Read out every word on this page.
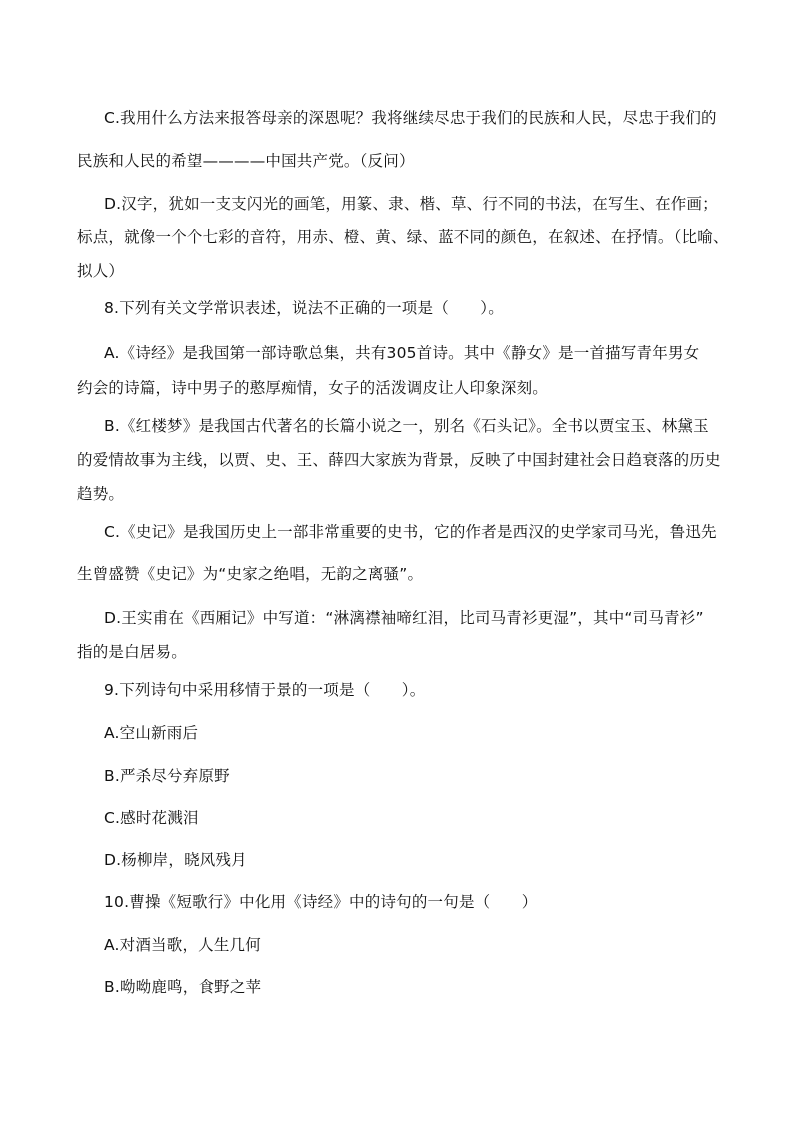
C.我用什么方法来报答母亲的深恩呢？我将继续尽忠于我们的民族和人民，尽忠于我们的
民族和人民的希望————中国共产党。（反问）
D.汉字，犹如一支支闪光的画笔，用篆、隶、楷、草、行不同的书法，在写生、在作画；
标点，就像一个个七彩的音符，用赤、橙、黄、绿、蓝不同的颜色，在叙述、在抒情。（比喻、
拟人）
8.下列有关文学常识表述，说法不正确的一项是（　　）。
A.《诗经》是我国第一部诗歌总集，共有305首诗。其中《静女》是一首描写青年男女
约会的诗篇，诗中男子的憨厚痴情，女子的活泼调皮让人印象深刻。
B.《红楼梦》是我国古代著名的长篇小说之一，别名《石头记》。全书以贾宝玉、林黛玉
的爱情故事为主线，以贾、史、王、薛四大家族为背景，反映了中国封建社会日趋衰落的历史
趋势。
C.《史记》是我国历史上一部非常重要的史书，它的作者是西汉的史学家司马光，鲁迅先
生曾盛赞《史记》为“史家之绝唱，无韵之离骚”。
D.王实甫在《西厢记》中写道：“淋漓襟袖啼红泪，比司马青衫更湿”，其中“司马青衫”
指的是白居易。
9.下列诗句中采用移情于景的一项是（　　）。
A.空山新雨后
B.严杀尽兮弃原野
C.感时花溅泪
D.杨柳岸，晓风残月
10.曹操《短歌行》中化用《诗经》中的诗句的一句是（　　）
A.对酒当歌，人生几何
B.呦呦鹿鸣，食野之苹
